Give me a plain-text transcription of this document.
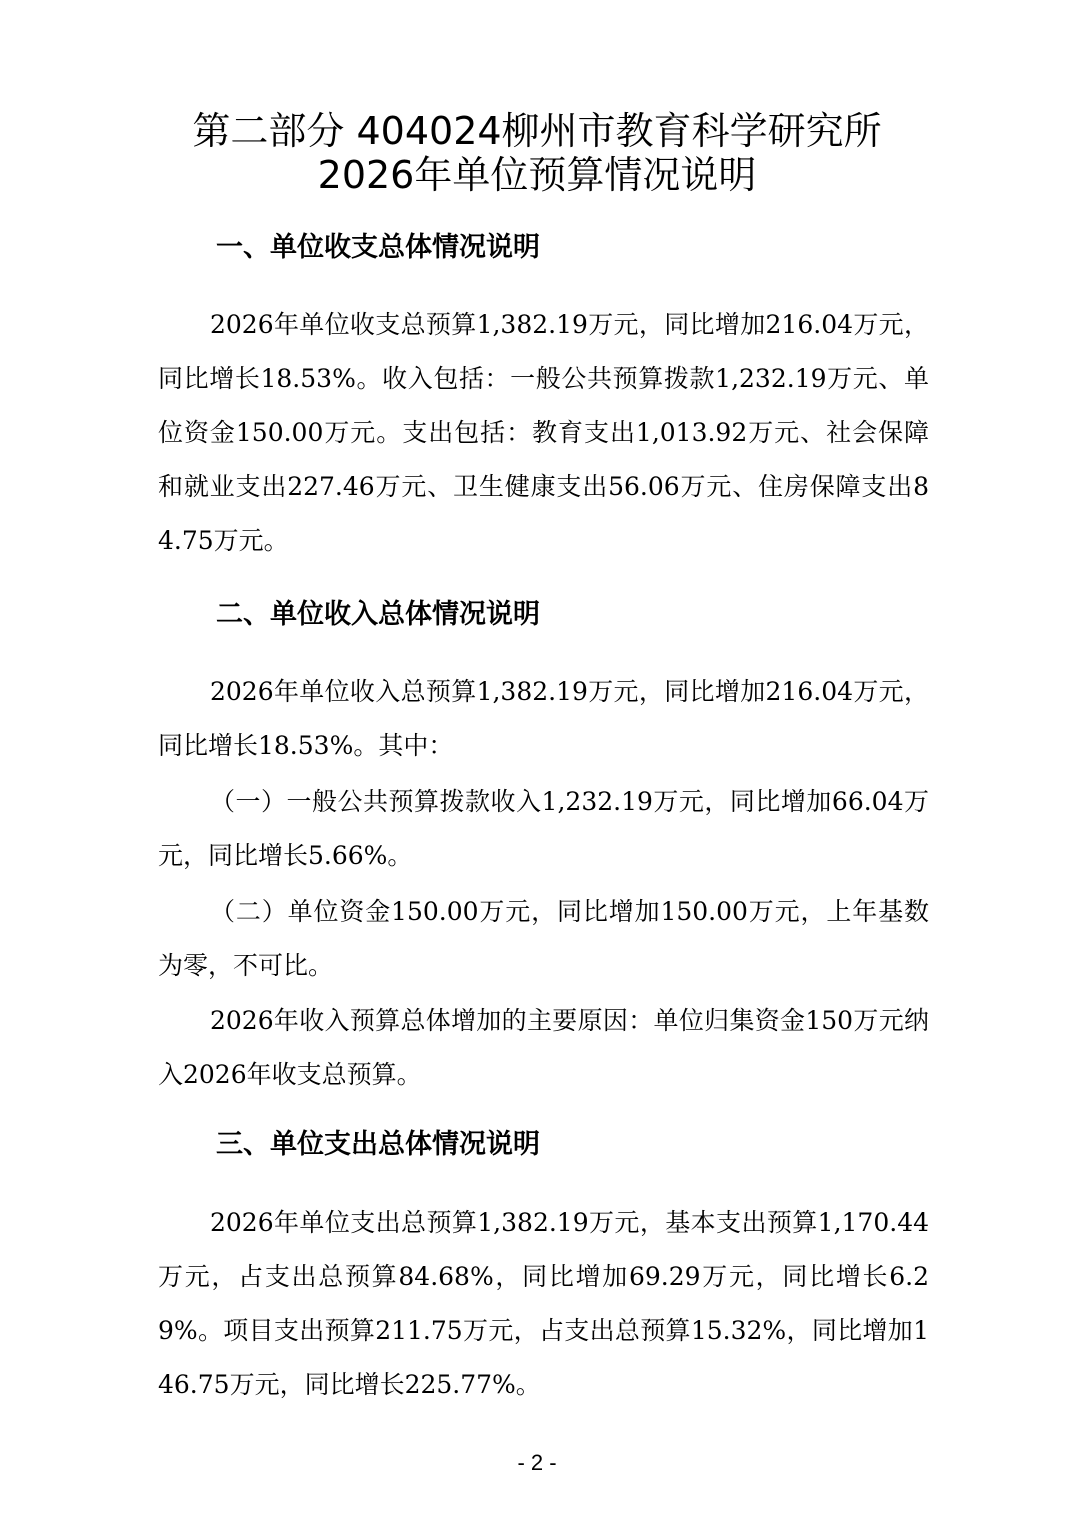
第二部分 404024柳州市教育科学研究所
2026年单位预算情况说明
一、单位收支总体情况说明

2026年单位收支总预算1,382.19万元，同比增加216.04万元，同比增长18.53%。收入包括：一般公共预算拨款1,232.19万元、单位资金150.00万元。支出包括：教育支出1,013.92万元、社会保障和就业支出227.46万元、卫生健康支出56.06万元、住房保障支出84.75万元。

二、单位收入总体情况说明

2026年单位收入总预算1,382.19万元，同比增加216.04万元，同比增长18.53%。其中：

（一）一般公共预算拨款收入1,232.19万元，同比增加66.04万元，同比增长5.66%。

（二）单位资金150.00万元，同比增加150.00万元，上年基数为零，不可比。

2026年收入预算总体增加的主要原因：单位归集资金150万元纳入2026年收支总预算。

三、单位支出总体情况说明

2026年单位支出总预算1,382.19万元，基本支出预算1,170.44万元，占支出总预算84.68%，同比增加69.29万元，同比增长6.29%。项目支出预算211.75万元，占支出总预算15.32%，同比增加146.75万元，同比增长225.77%。

- 2 -
